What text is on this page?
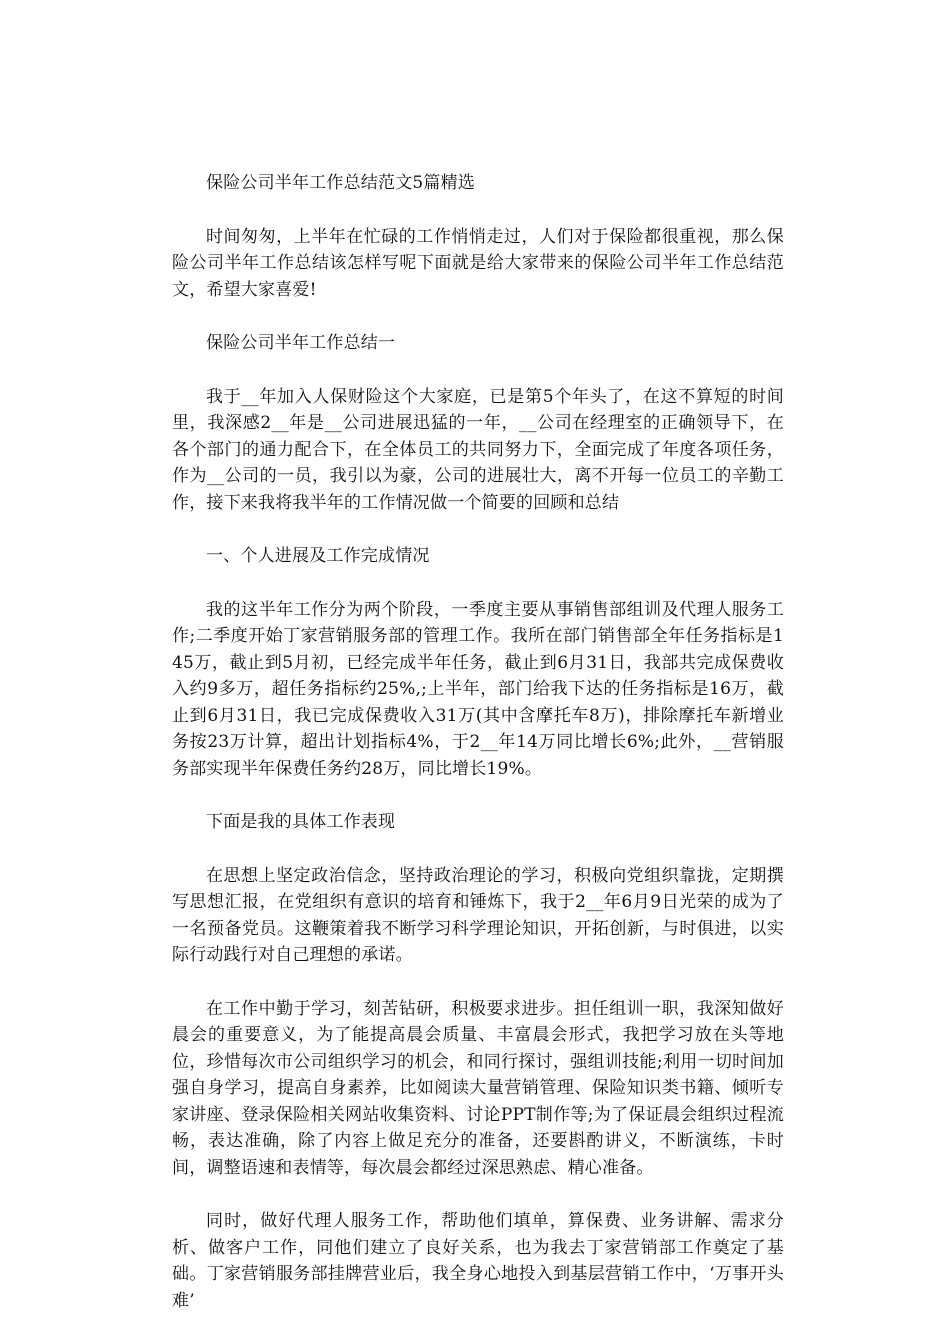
保险公司半年工作总结范文5篇精选

时间匆匆，上半年在忙碌的工作悄悄走过，人们对于保险都很重视，那么保险公司半年工作总结该怎样写呢下面就是给大家带来的保险公司半年工作总结范文，希望大家喜爱!

保险公司半年工作总结一

我于__年加入人保财险这个大家庭，已是第5个年头了，在这不算短的时间里，我深感2__年是__公司进展迅猛的一年，__公司在经理室的正确领导下，在各个部门的通力配合下，在全体员工的共同努力下，全面完成了年度各项任务，作为__公司的一员，我引以为豪，公司的进展壮大，离不开每一位员工的辛勤工作，接下来我将我半年的工作情况做一个简要的回顾和总结

一、个人进展及工作完成情况

我的这半年工作分为两个阶段，一季度主要从事销售部组训及代理人服务工作;二季度开始丁家营销服务部的管理工作。我所在部门销售部全年任务指标是145万，截止到5月初，已经完成半年任务，截止到6月31日，我部共完成保费收入约9多万，超任务指标约25%,;上半年，部门给我下达的任务指标是16万，截止到6月31日，我已完成保费收入31万(其中含摩托车8万)，排除摩托车新增业务按23万计算，超出计划指标4%，于2__年14万同比增长6%;此外，__营销服务部实现半年保费任务约28万，同比增长19%。

下面是我的具体工作表现

在思想上坚定政治信念，坚持政治理论的学习，积极向党组织靠拢，定期撰写思想汇报，在党组织有意识的培育和锤炼下，我于2__年6月9日光荣的成为了一名预备党员。这鞭策着我不断学习科学理论知识，开拓创新，与时俱进，以实际行动践行对自己理想的承诺。

在工作中勤于学习，刻苦钻研，积极要求进步。担任组训一职，我深知做好晨会的重要意义，为了能提高晨会质量、丰富晨会形式，我把学习放在头等地位，珍惜每次市公司组织学习的机会，和同行探讨，强组训技能;利用一切时间加强自身学习，提高自身素养，比如阅读大量营销管理、保险知识类书籍、倾听专家讲座、登录保险相关网站收集资料、讨论PPT制作等;为了保证晨会组织过程流畅，表达准确，除了内容上做足充分的准备，还要斟酌讲义，不断演练，卡时间，调整语速和表情等，每次晨会都经过深思熟虑、精心准备。

同时，做好代理人服务工作，帮助他们填单，算保费、业务讲解、需求分析、做客户工作，同他们建立了良好关系，也为我去丁家营销部工作奠定了基础。丁家营销服务部挂牌营业后，我全身心地投入到基层营销工作中，‘万事开头难’
